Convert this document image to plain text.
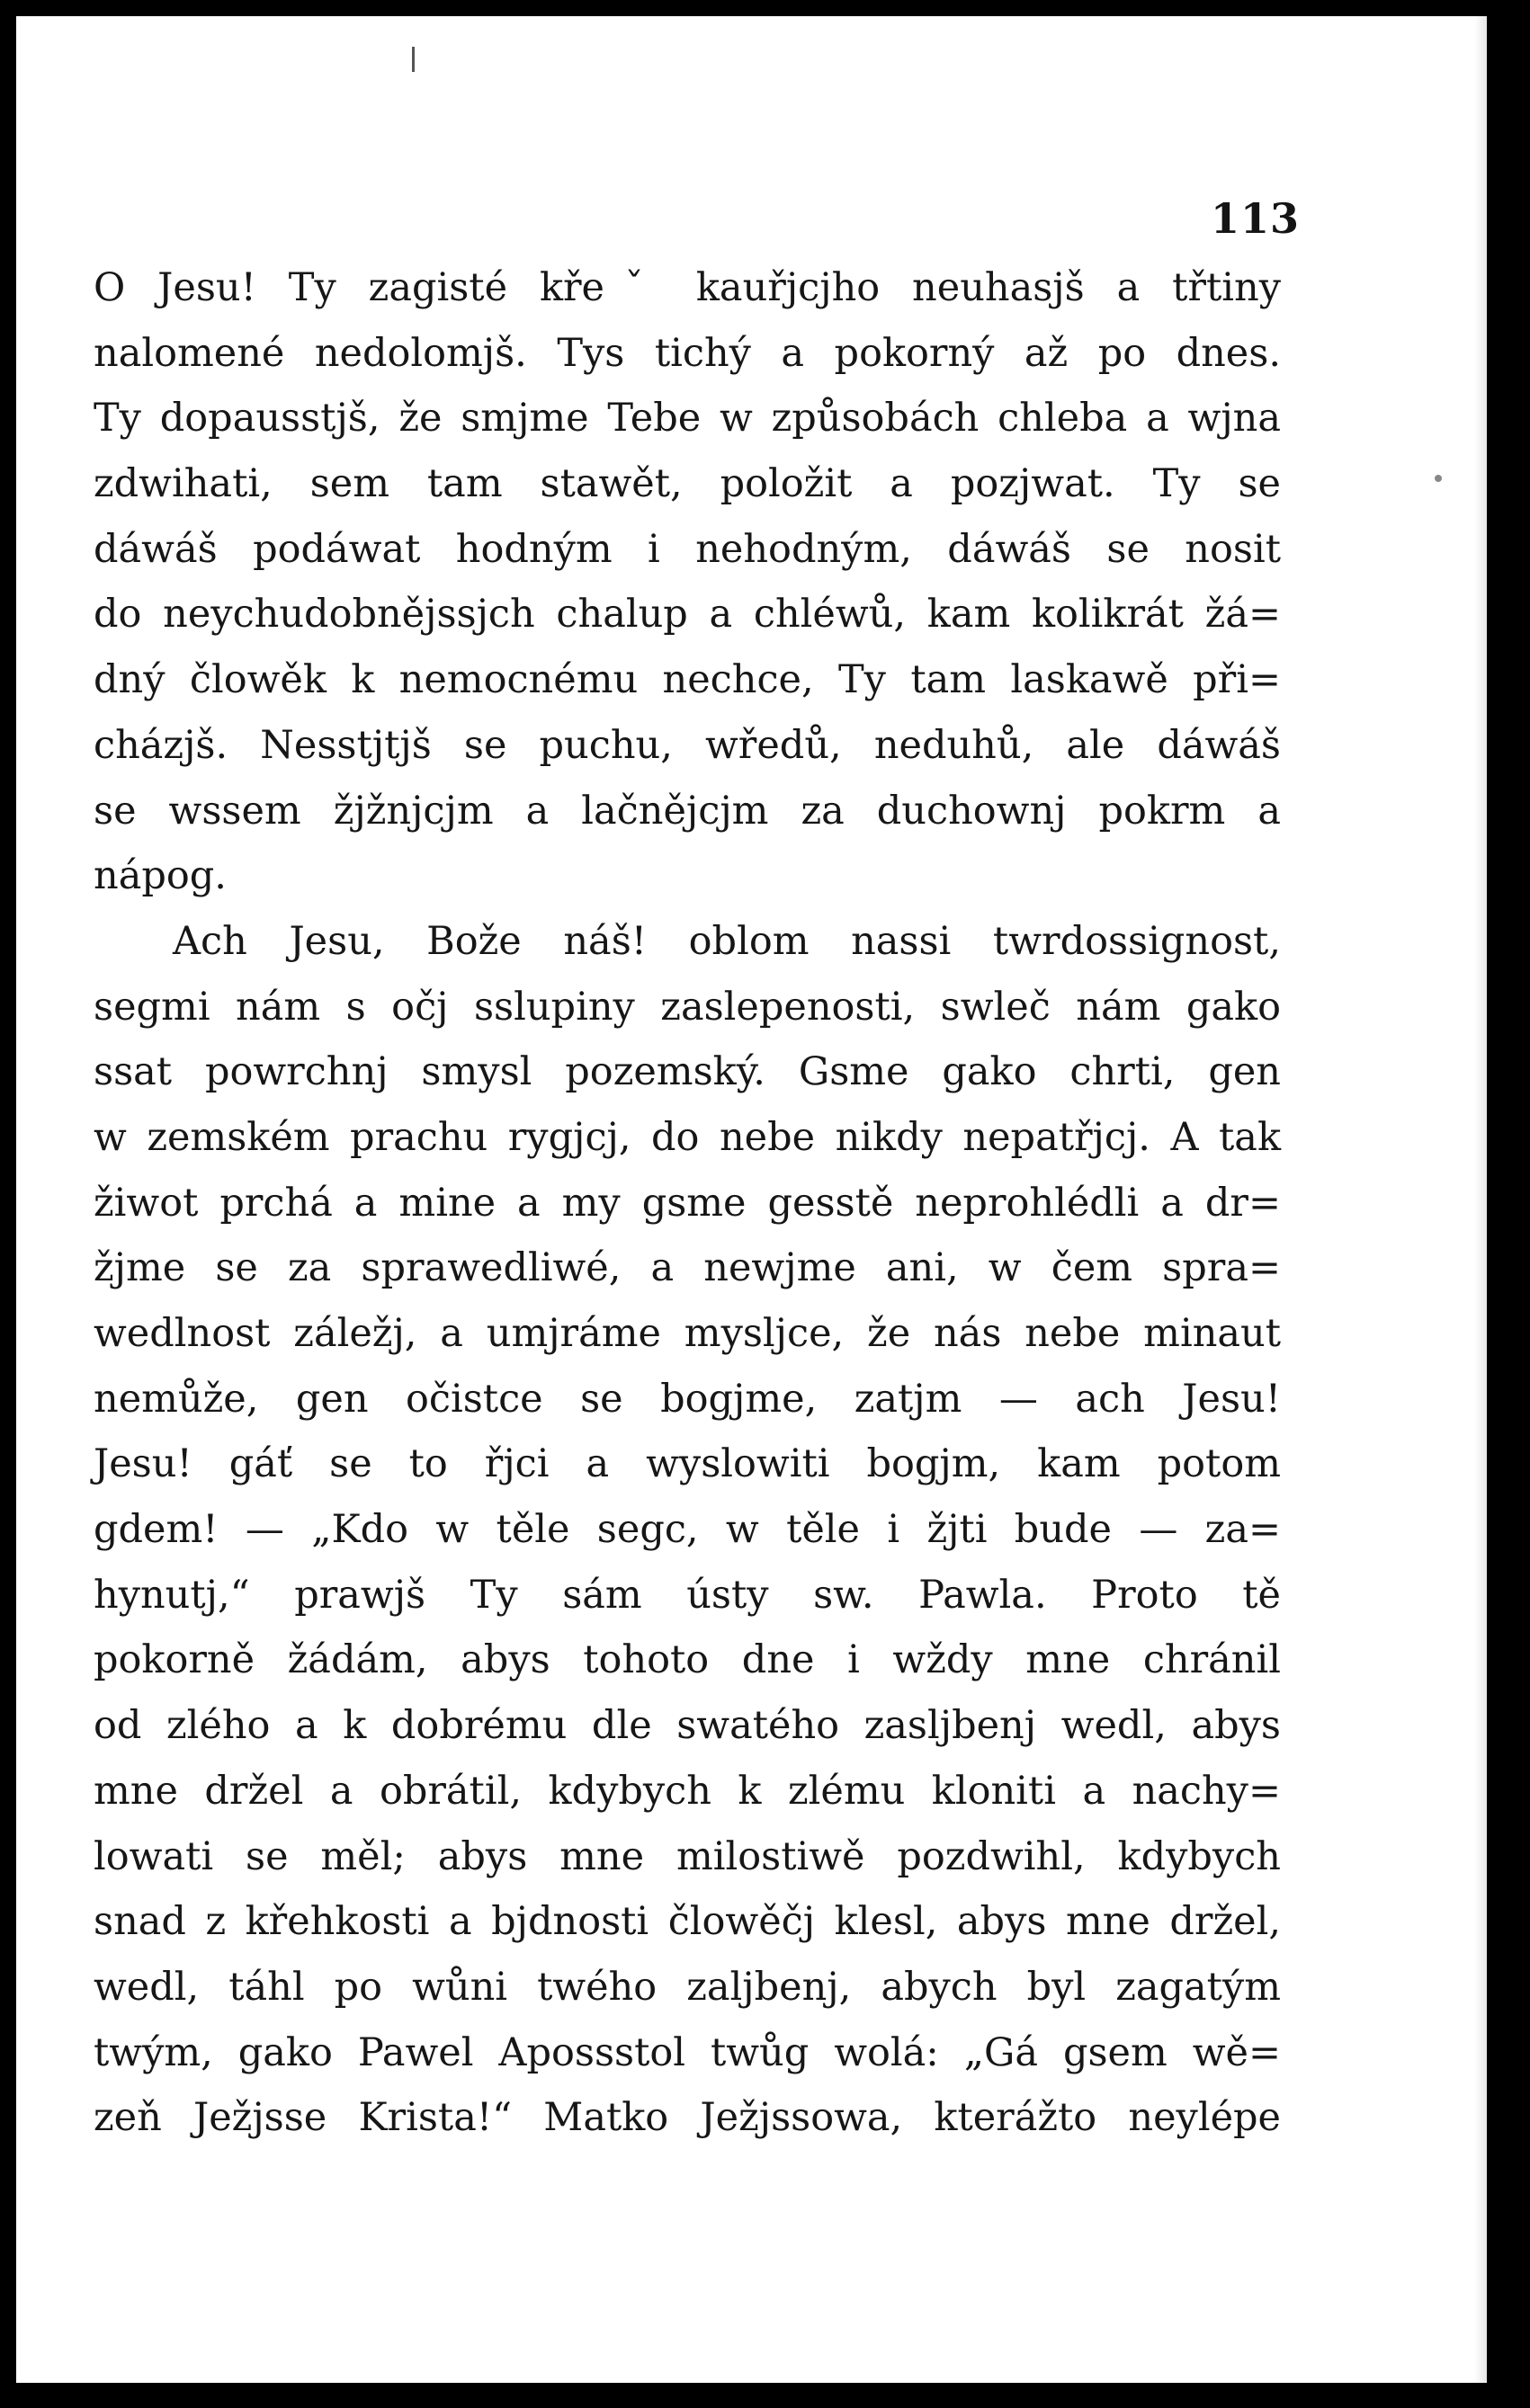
113
O Jesu! Ty zagisté křeˇ kauřjcjho neuhasjš a třtiny
nalomené nedolomjš. Tys tichý a pokorný až po dnes.
Ty dopausstjš, že smjme Tebe w způsobách chleba a wjna
zdwihati, sem tam stawět, položit a pozjwat. Ty se
dáwáš podáwat hodným i nehodným, dáwáš se nosit
do neychudobnějssjch chalup a chléwů, kam kolikrát žá=
dný člowěk k nemocnému nechce, Ty tam laskawě při=
cházjš. Nesstjtjš se puchu, wředů, neduhů, ale dáwáš
se wssem žjžnjcjm a lačnějcjm za duchownj pokrm a
nápog.
Ach Jesu, Bože náš! oblom nassi twrdossignost,
segmi nám s očj sslupiny zaslepenosti, swleč nám gako
ssat powrchnj smysl pozemský. Gsme gako chrti, gen
w zemském prachu rygjcj, do nebe nikdy nepatřjcj. A tak
žiwot prchá a mine a my gsme gesstě neprohlédli a dr=
žjme se za sprawedliwé, a newjme ani, w čem spra=
wedlnost záležj, a umjráme mysljce, že nás nebe minaut
nemůže, gen očistce se bogjme, zatjm — ach Jesu!
Jesu! gáť se to řjci a wyslowiti bogjm, kam potom
gdem! — „Kdo w těle segc, w těle i žjti bude — za=
hynutj,“ prawjš Ty sám ústy sw. Pawla. Proto tě
pokorně žádám, abys tohoto dne i wždy mne chránil
od zlého a k dobrému dle swatého zasljbenj wedl, abys
mne držel a obrátil, kdybych k zlému kloniti a nachy=
lowati se měl; abys mne milostiwě pozdwihl, kdybych
snad z křehkosti a bjdnosti člowěčj klesl, abys mne držel,
wedl, táhl po wůni twého zaljbenj, abych byl zagatým
twým, gako Pawel Apossstol twůg wolá: „Gá gsem wě=
zeň Ježjsse Krista!“ Matko Ježjssowa, kterážto neylépe
